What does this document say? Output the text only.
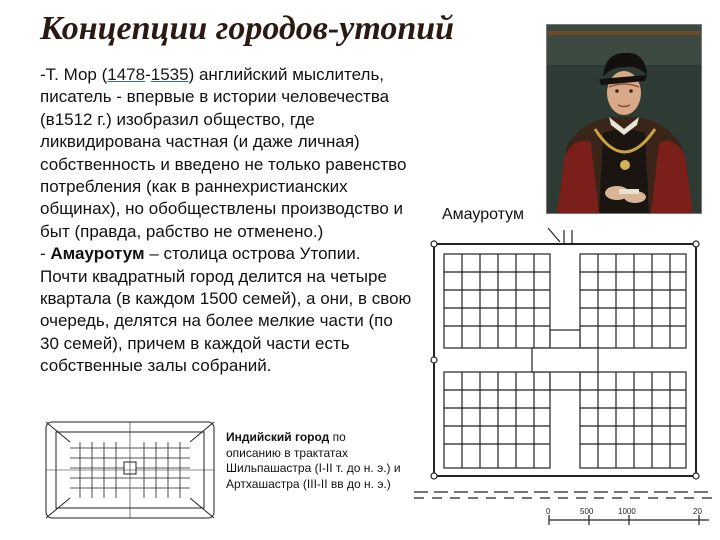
Концепции городов-утопий

-Т. Мор (1478-1535) английский мыслитель, писатель - впервые в истории человечества (в1512 г.) изобразил общество, где ликвидирована частная (и даже личная) собственность и введено не только равенство потребления (как в раннехристианских общинах), но обобществлены производство и быт (правда, рабство не отменено.)

- Амауротум – столица острова Утопии. Почти квадратный город делится на четыре квартала (в каждом 1500 семей), а они, в свою очередь, делятся на более мелкие части (по 30 семей), причем в каждой части есть собственные залы собраний.

Амауротум
0	500	1000	20
Индийский город по описанию в трактатах Шильпашастра (I-II т. до н. э.) и Артхашастра (III-II вв до н. э.)
